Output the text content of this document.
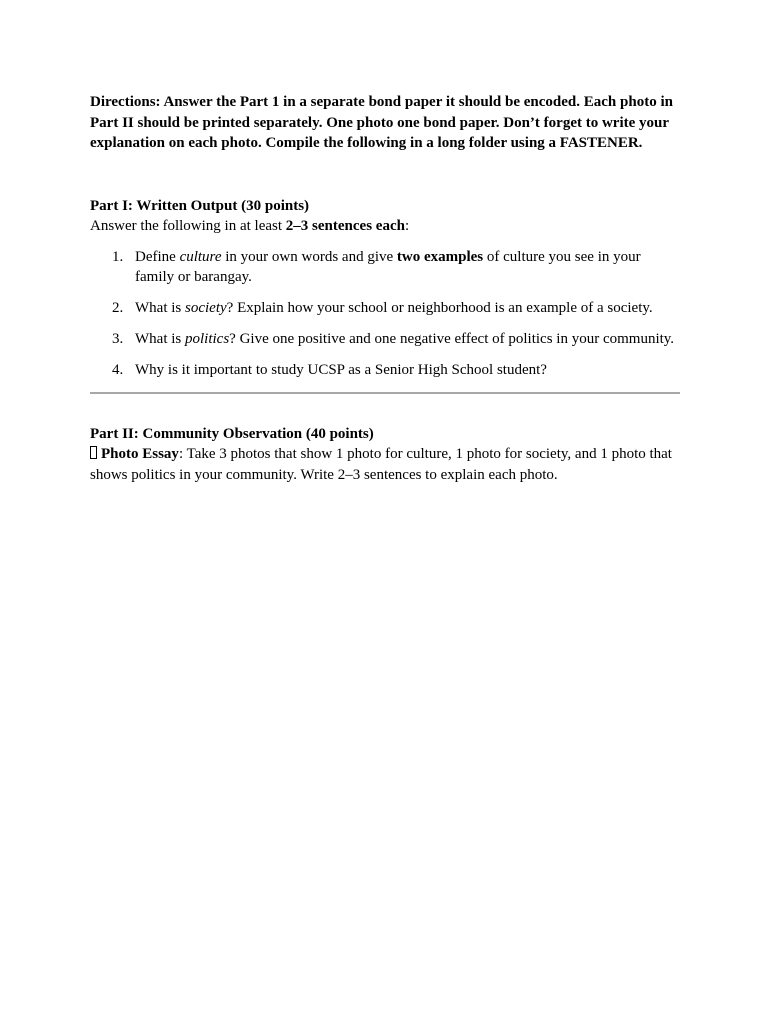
Directions: Answer the Part 1 in a separate bond paper it should be encoded. Each photo in Part II should be printed separately. One photo one bond paper. Don’t forget to write your explanation on each photo. Compile the following in a long folder using a FASTENER.

Part I: Written Output (30 points)

Answer the following in at least 2–3 sentences each:

1. Define culture in your own words and give two examples of culture you see in your family or barangay.
2. What is society? Explain how your school or neighborhood is an example of a society.
3. What is politics? Give one positive and one negative effect of politics in your community.
4. Why is it important to study UCSP as a Senior High School student?

Part II: Community Observation (40 points)

Photo Essay: Take 3 photos that show 1 photo for culture, 1 photo for society, and 1 photo that shows politics in your community. Write 2–3 sentences to explain each photo.
